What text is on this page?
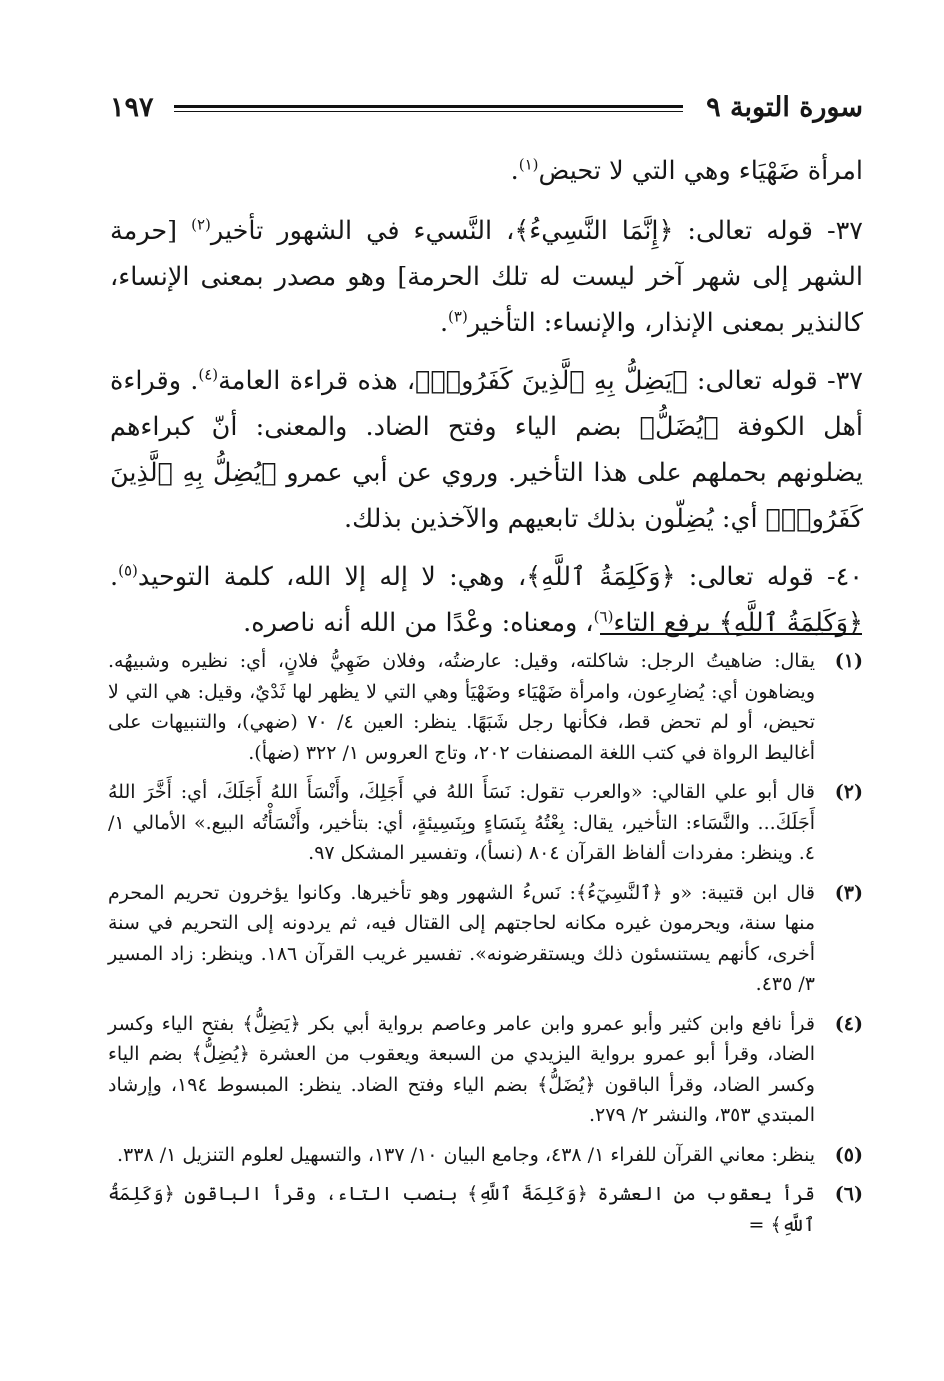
سورة التوبة ٩
١٩٧

امرأة ضَهْيَاء وهي التي لا تحيض$^{(١)}$.

٣٧- قوله تعالى: ﴿إِنَّمَا النَّسِيءُ﴾، النَّسيء في الشهور تأخير$^{(٢)}$ [حرمة الشهر إلى شهر آخر ليست له تلك الحرمة] وهو مصدر بمعنى الإنساء، كالنذير بمعنى الإنذار، والإنساء: التأخير$^{(٣)}$.

٣٧- قوله تعالى: ﴿يَضِلُّ بِهِ ٱلَّذِينَ كَفَرُوا۟﴾، هذه قراءة العامة$^{(٤)}$. وقراءة أهل الكوفة ﴿يُضَلُّ﴾ بضم الياء وفتح الضاد. والمعنى: أنّ كبراءهم يضلونهم بحملهم على هذا التأخير. وروي عن أبي عمرو ﴿يُضِلُّ بِهِ ٱلَّذِينَ كَفَرُوا۟﴾ أي: يُضِلّون بذلك تابعيهم والآخذين بذلك.

٤٠- قوله تعالى: ﴿وَكَلِمَةُ ٱللَّهِ﴾، وهي: لا إله إلا الله، كلمة التوحيد$^{(٥)}$. ﴿وَكَلِمَةُ ٱللَّهِ﴾ برفع التاء$^{(٦)}$، ومعناه: وعْدًا من الله أنه ناصره.

(١)
يقال: ضاهيتُ الرجل: شاكلته، وقيل: عارضتُه، وفلان ضَهِيُّ فلانٍ، أي: نظيره وشبيهُه. ويضاهون أي: يُضارِعون، وامرأة ضَهْيَاء وضَهْيَأ وهي التي لا يظهر لها ثَدْيٌ، وقيل: هي التي لا تحيض، أو لم تحض قط، فكأنها رجل شَبَهًا. ينظر: العين ٤/ ٧٠ (ضهي)، والتنبيهات على أغاليط الرواة في كتب اللغة المصنفات ٢٠٢، وتاج العروس ١/ ٣٢٢ (ضهأ).

(٢)
قال أبو علي القالي: «والعرب تقول: نَسَأَ اللهُ في أَجَلِكَ، وأَنْسَأَ اللهُ أَجَلَكَ، أي: أَخَّرَ اللهُ أَجَلَكَ... والنَّسَاء: التأخير، يقال: بِعْتُهُ بِنَسَاءٍ وبِنَسِيئةٍ، أي: بتأخير، وأَنْسَأْتُه البيع.» الأمالي ١/ ٤. وينظر: مفردات ألفاظ القرآن ٨٠٤ (نسأ)، وتفسير المشكل ٩٧.

(٣)
قال ابن قتيبة: «و ﴿ٱلنَّسِيٓءُ﴾: نَسءُ الشهور وهو تأخيرها. وكانوا يؤخرون تحريم المحرم منها سنة، ويحرمون غيره مكانه لحاجتهم إلى القتال فيه، ثم يردونه إلى التحريم في سنة أخرى، كأنهم يستنسئون ذلك ويستقرضونه». تفسير غريب القرآن ١٨٦. وينظر: زاد المسير ٣/ ٤٣٥.

(٤)
قرأ نافع وابن كثير وأبو عمرو وابن عامر وعاصم برواية أبي بكر ﴿يَضِلُّ﴾ بفتح الياء وكسر الضاد، وقرأ أبو عمرو برواية اليزيدي من السبعة ويعقوب من العشرة ﴿يُضِلُّ﴾ بضم الياء وكسر الضاد، وقرأ الباقون ﴿يُضَلُّ﴾ بضم الياء وفتح الضاد. ينظر: المبسوط ١٩٤، وإرشاد المبتدي ٣٥٣، والنشر ٢/ ٢٧٩.

(٥)
ينظر: معاني القرآن للفراء ١/ ٤٣٨، وجامع البيان ١٠/ ١٣٧، والتسهيل لعلوم التنزيل ١/ ٣٣٨.

(٦)
قرأ يعقوب من العشرة ﴿وَكَلِمَةَ ٱللَّهِ﴾ بنصب التاء، وقرأ الباقون ﴿وَكَلِمَةُ ٱللَّهِ﴾ =
